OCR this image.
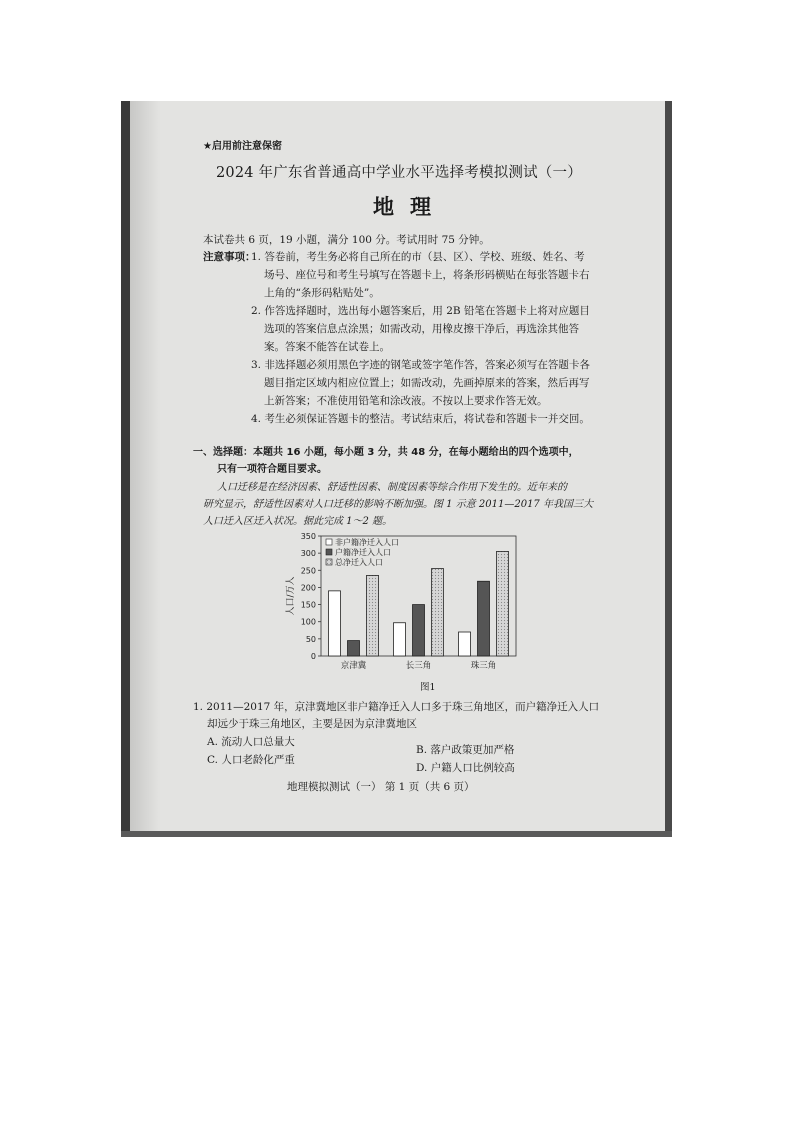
★启用前注意保密
2024 年广东省普通高中学业水平选择考模拟测试（一）
地理
本试卷共 6 页，19 小题，满分 100 分。考试用时 75 分钟。
注意事项：
1. 答卷前，考生务必将自己所在的市（县、区）、学校、班级、姓名、考
场号、座位号和考生号填写在答题卡上，将条形码横贴在每张答题卡右
上角的“条形码粘贴处”。
2. 作答选择题时，选出每小题答案后，用 2B 铅笔在答题卡上将对应题目
选项的答案信息点涂黑；如需改动，用橡皮擦干净后，再选涂其他答
案。答案不能答在试卷上。
3. 非选择题必须用黑色字迹的钢笔或签字笔作答，答案必须写在答题卡各
题目指定区域内相应位置上；如需改动，先画掉原来的答案，然后再写
上新答案；不准使用铅笔和涂改液。不按以上要求作答无效。
4. 考生必须保证答题卡的整洁。考试结束后，将试卷和答题卡一并交回。
一、选择题：本题共 16 小题，每小题 3 分，共 48 分，在每小题给出的四个选项中，
只有一项符合题目要求。
人口迁移是在经济因素、舒适性因素、制度因素等综合作用下发生的。近年来的
研究显示，舒适性因素对人口迁移的影响不断加强。图 1 示意 2011—2017 年我国三大
人口迁入区迁入状况。据此完成 1～2 题。
0
50
100
150
200
250
300
350
人口/万人
京津冀	长三角	珠三角
非户籍净迁入人口
户籍净迁入人口
总净迁入人口
图1
1. 2011—2017 年，京津冀地区非户籍净迁入人口多于珠三角地区，而户籍净迁入人口
却远少于珠三角地区，主要是因为京津冀地区
A. 流动人口总量大
B. 落户政策更加严格
C. 人口老龄化严重
D. 户籍人口比例较高
地理模拟测试（一） 第 1 页（共 6 页）
